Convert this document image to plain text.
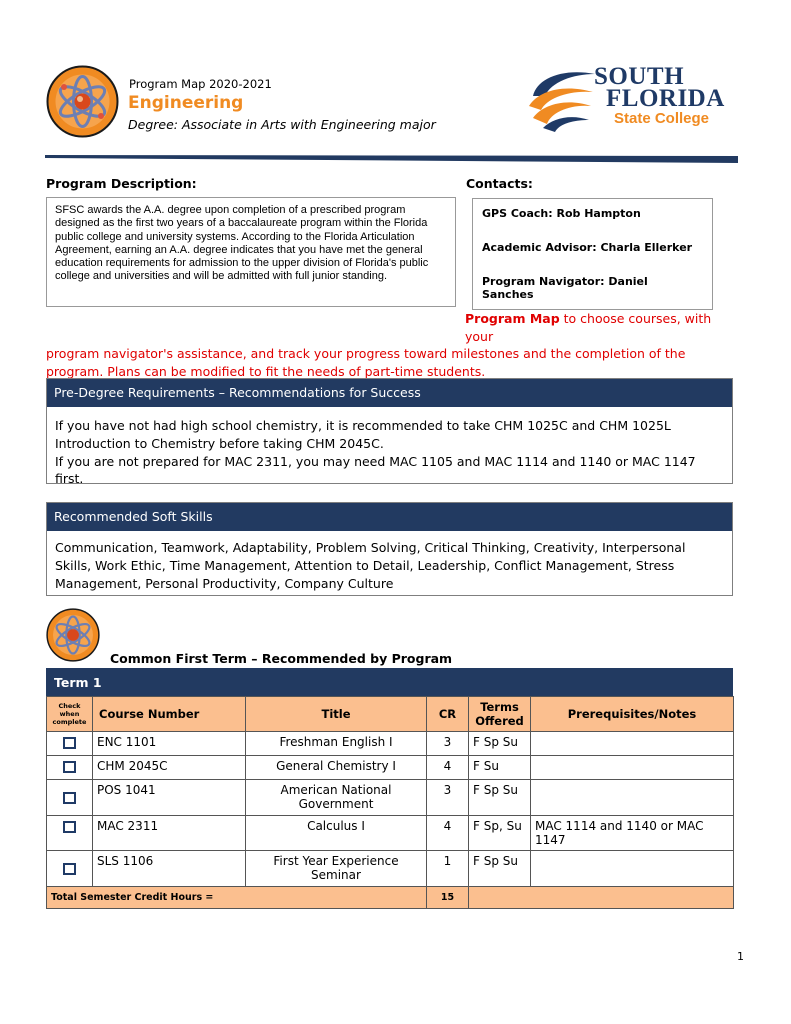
Program Map 2020-2021
Engineering
Degree: Associate in Arts with Engineering major
SOUTH
FLORIDA
State College
Program Description:	Contacts:
SFSC awards the A.A. degree upon completion of a prescribed program designed as the first two years of a baccalaureate program within the Florida public college and university systems. According to the Florida Articulation Agreement, earning an A.A. degree indicates that you have met the general education requirements for admission to the upper division of Florida's public college and universities and will be admitted with full junior standing.
GPS Coach: Rob Hampton
Academic Advisor: Charla Ellerker
Program Navigator: Daniel Sanches
Program Map to choose courses, with your
program navigator's assistance, and track your progress toward milestones and the completion of the program. Plans can be modified to fit the needs of part-time students.
Pre-Degree Requirements – Recommendations for Success
If you have not had high school chemistry, it is recommended to take CHM 1025C and CHM 1025L Introduction to Chemistry before taking CHM 2045C.
If you are not prepared for MAC 2311, you may need MAC 1105 and MAC 1114 and 1140 or MAC 1147 first.
Recommended Soft Skills
Communication, Teamwork, Adaptability, Problem Solving, Critical Thinking, Creativity, Interpersonal Skills, Work Ethic, Time Management, Attention to Detail, Leadership, Conflict Management, Stress Management, Personal Productivity, Company Culture
Common First Term – Recommended by Program
Term 1
Check when complete	Course Number	Title	CR	Terms Offered	Prerequisites/Notes
	ENC 1101	Freshman English I	3	F Sp Su	
	CHM 2045C	General Chemistry I	4	F Su	
	POS 1041	American National Government	3	F Sp Su	
	MAC 2311	Calculus I	4	F Sp, Su	MAC 1114 and 1140 or MAC 1147
	SLS 1106	First Year Experience Seminar	1	F Sp Su	
Total Semester Credit Hours =			15		
1
